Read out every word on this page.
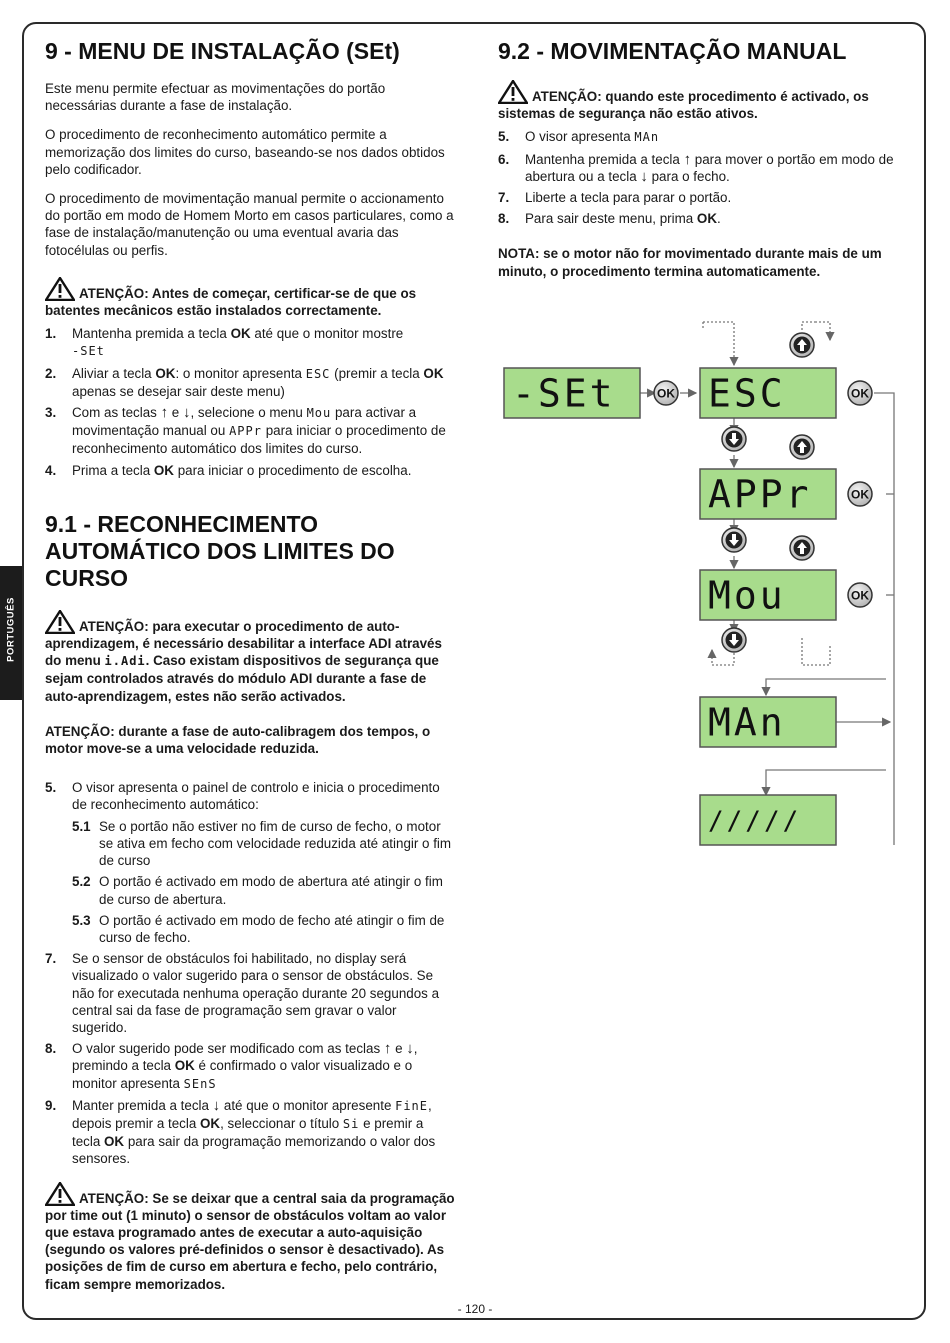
PORTUGUÊS
9 - MENU DE INSTALAÇÃO (SEt)

Este menu permite efectuar as movimentações do portão necessárias durante a fase de instalação.

O procedimento de reconhecimento automático permite a memorização dos limites do curso, baseando-se nos dados obtidos pelo codificador.

O procedimento de movimentação manual permite o accionamento do portão em modo de Homem Morto em casos particulares, como a fase de instalação/manutenção ou uma eventual avaria das fotocélulas ou perfis.

ATENÇÃO: Antes de começar, certificar-se de que os batentes mecânicos estão instalados correctamente.
1.	Mantenha premida a tecla OK até que o monitor mostre
-SEt
2.	Aliviar a tecla OK: o monitor apresenta ESC (premir a tecla OK apenas se desejar sair deste menu)
3.	Com as teclas ↑ e ↓, selecione o menu Mou para activar a movimentação manual ou APPr para iniciar o procedimento de reconhecimento automático dos limites do curso.
4.	Prima a tecla OK para iniciar o procedimento de escolha.
9.1 - RECONHECIMENTO AUTOMÁTICO DOS LIMITES DO CURSO
ATENÇÃO: para executar o procedimento de auto-aprendizagem, é necessário desabilitar a interface ADI através do menu i.Adi. Caso existam dispositivos de segurança que sejam controlados através do módulo ADI durante a fase de auto-aprendizagem, estes não serão activados.
ATENÇÃO: durante a fase de auto-calibragem dos tempos, o motor move-se a uma velocidade reduzida.
5.	O visor apresenta o painel de controlo e inicia o procedimento de reconhecimento automático:
5.1 Se o portão não estiver no fim de curso de fecho, o motor se ativa em fecho com velocidade reduzida até atingir o fim de curso
5.2 O portão é activado em modo de abertura até atingir o fim de curso de abertura.
5.3 O portão é activado em modo de fecho até atingir o fim de curso de fecho.
7.	Se o sensor de obstáculos foi habilitado, no display será visualizado o valor sugerido para o sensor de obstáculos. Se não for executada nenhuma operação durante 20 segundos a central sai da fase de programação sem gravar o valor sugerido.
8.	O valor sugerido pode ser modificado com as teclas ↑ e ↓, premindo a tecla OK é confirmado o valor visualizado e o monitor apresenta SEnS
9.	Manter premida a tecla ↓ até que o monitor apresente FinE, depois premir a tecla OK, seleccionar o título Si e premir a tecla OK para sair da programação memorizando o valor dos sensores.
ATENÇÃO: Se se deixar que a central saia da programação por time out (1 minuto) o sensor de obstáculos voltam ao valor que estava programado antes de executar a auto-aquisição (segundo os valores pré-definidos o sensor è desactivado). As posições de fim de curso em abertura e fecho, pelo contrário, ficam sempre memorizados.
9.2 - MOVIMENTAÇÃO MANUAL
ATENÇÃO: quando este procedimento é activado, os sistemas de segurança não estão ativos.
5.	O visor apresenta MAn
6.	Mantenha premida a tecla ↑ para mover o portão em modo de abertura ou a tecla ↓ para o fecho.
7.	Liberte a tecla para parar o portão.
8.	Para sair deste menu, prima OK.
NOTA: se o motor não for movimentado durante mais de um minuto, o procedimento termina automaticamente.
-SEt ESC
APPr
Mou
MAn
/////
OK	OK
OK
OK
- 120 -
